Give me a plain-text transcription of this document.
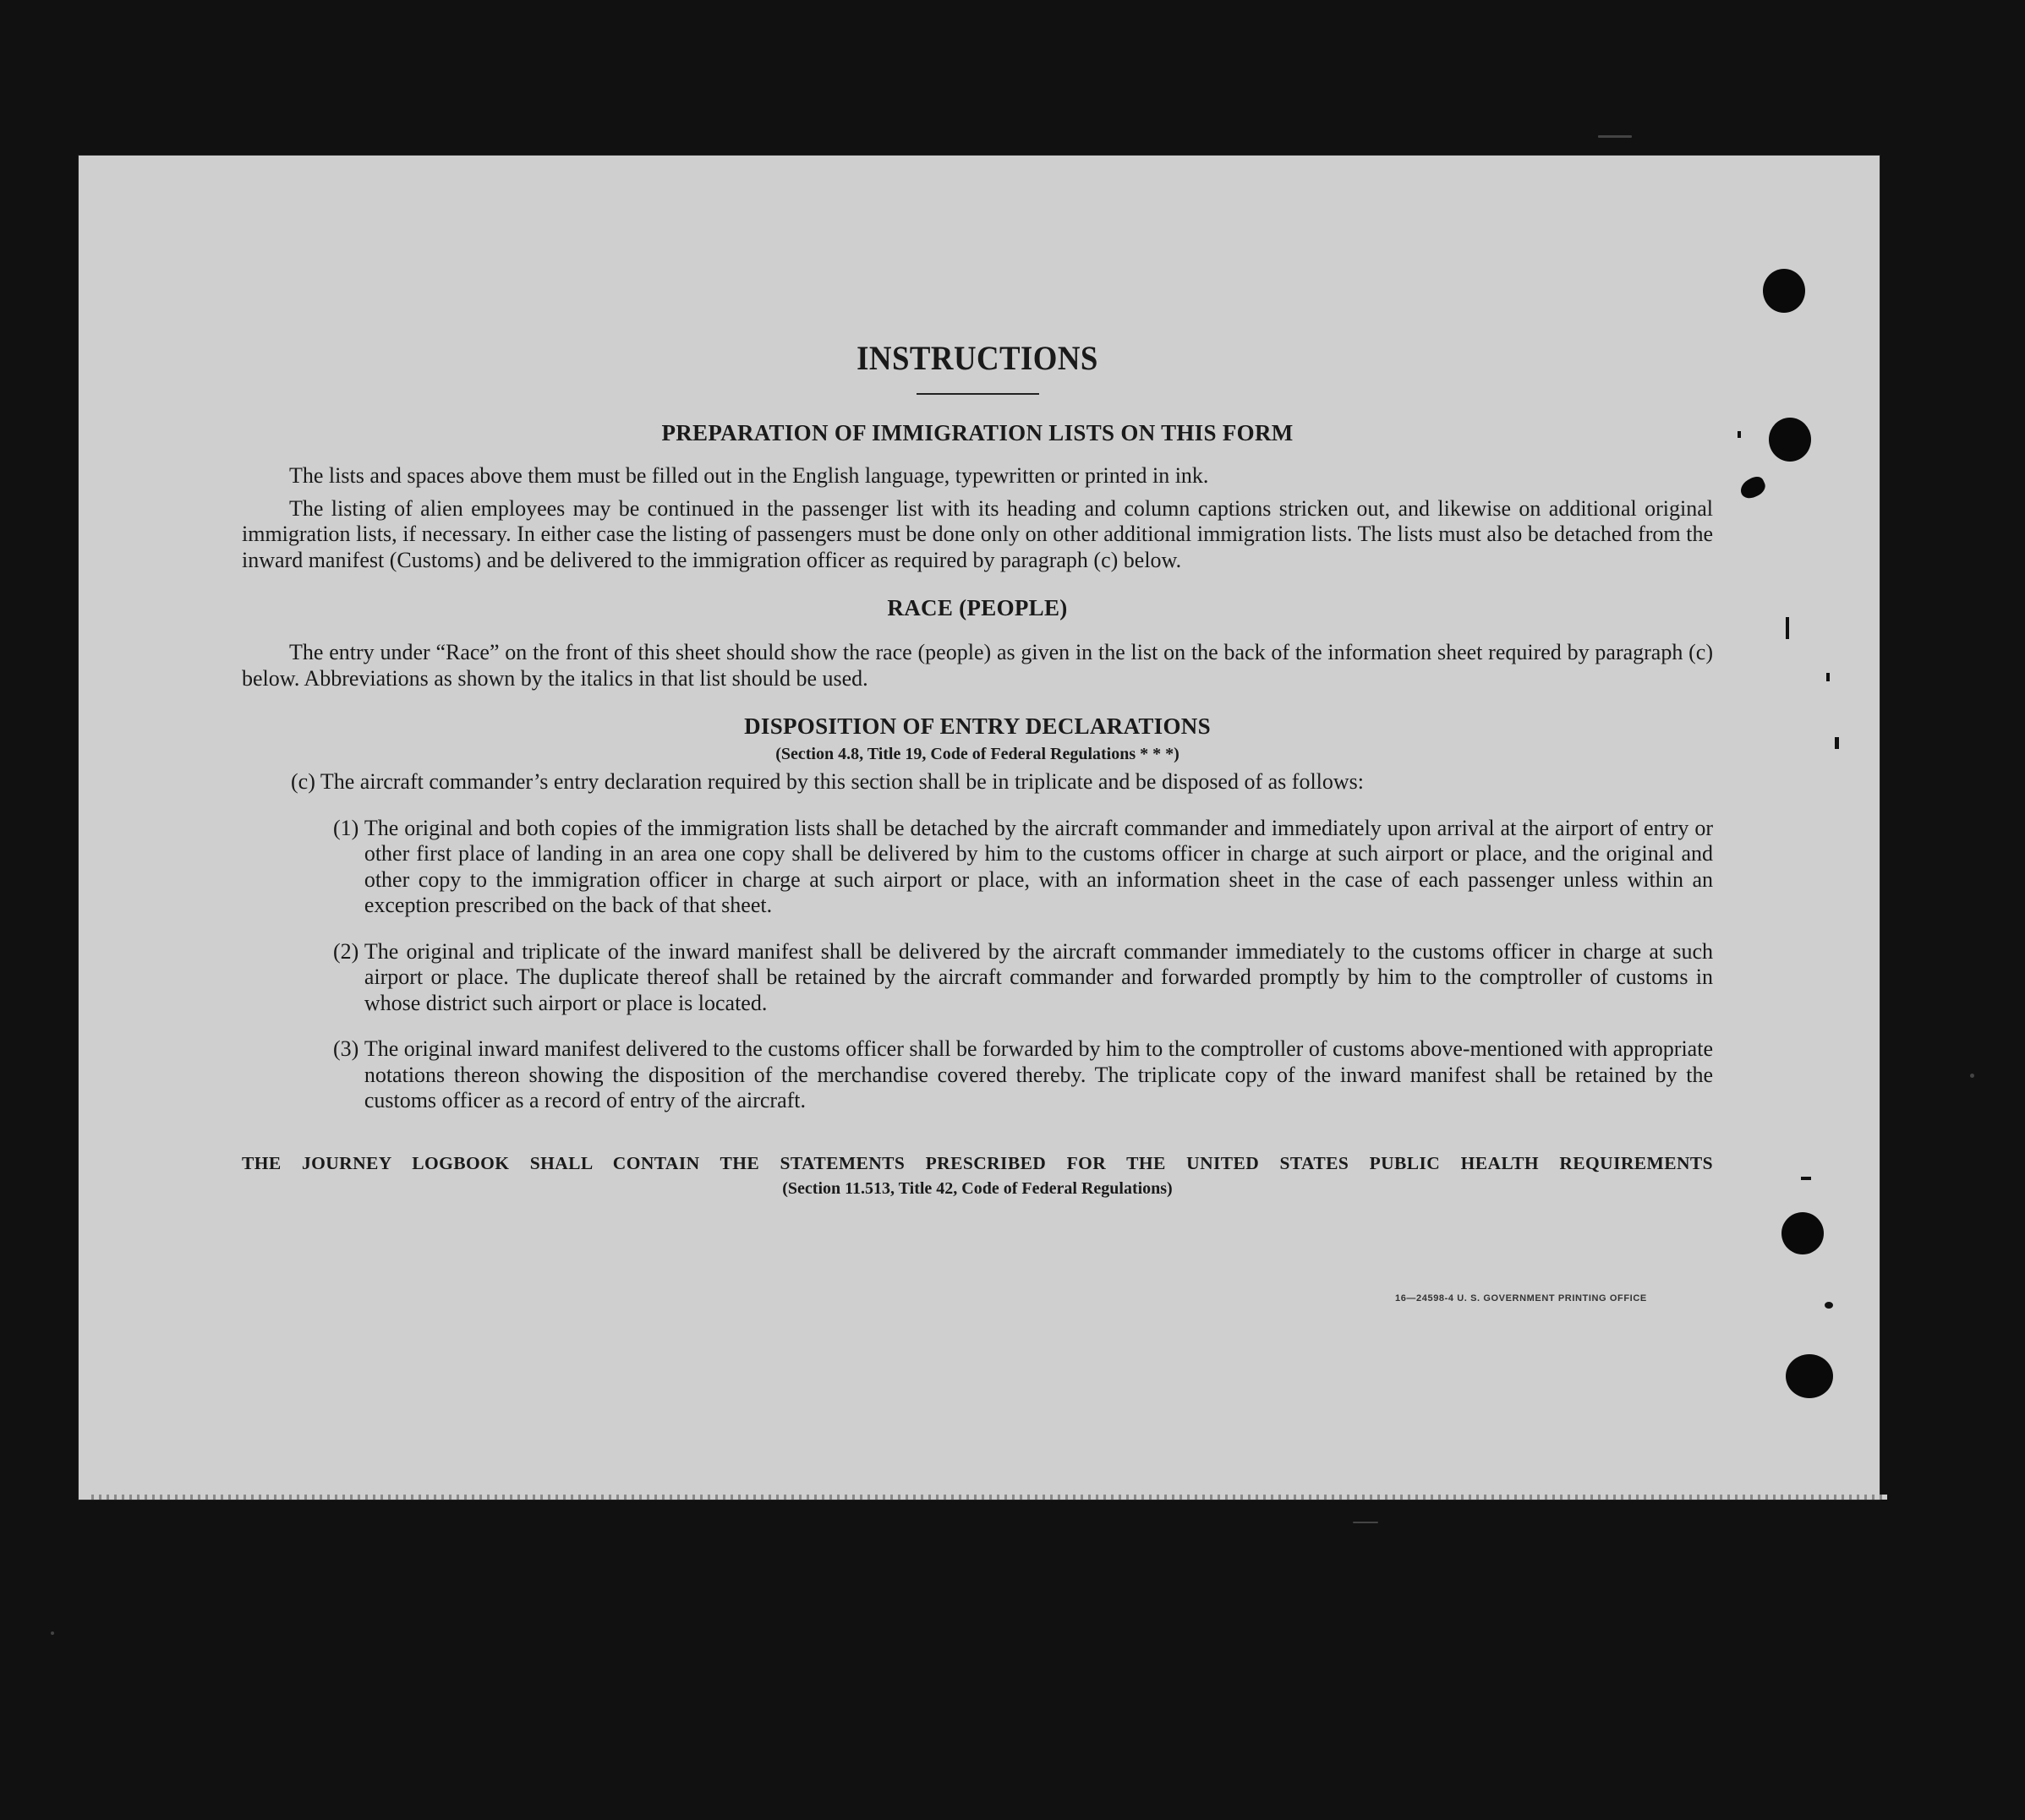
INSTRUCTIONS
PREPARATION OF IMMIGRATION LISTS ON THIS FORM

The lists and spaces above them must be filled out in the English language, typewritten or printed in ink.

The listing of alien employees may be continued in the passenger list with its heading and column captions stricken out, and likewise on additional original immigration lists, if necessary. In either case the listing of passengers must be done only on other additional immigration lists. The lists must also be detached from the inward manifest (Customs) and be delivered to the immigration officer as required by paragraph (c) below.

RACE (PEOPLE)

The entry under “Race” on the front of this sheet should show the race (people) as given in the list on the back of the information sheet required by paragraph (c) below. Abbreviations as shown by the italics in that list should be used.

DISPOSITION OF ENTRY DECLARATIONS

(Section 4.8, Title 19, Code of Federal Regulations * * *)

(c) The aircraft commander’s entry declaration required by this section shall be in triplicate and be disposed of as follows:

(1) The original and both copies of the immigration lists shall be detached by the aircraft commander and immediately upon arrival at the airport of entry or other first place of landing in an area one copy shall be delivered by him to the customs officer in charge at such airport or place, and the original and other copy to the immigration officer in charge at such airport or place, with an information sheet in the case of each passenger unless within an exception prescribed on the back of that sheet.

(2) The original and triplicate of the inward manifest shall be delivered by the aircraft commander immediately to the customs officer in charge at such airport or place. The duplicate thereof shall be retained by the aircraft commander and forwarded promptly by him to the comptroller of customs in whose district such airport or place is located.

(3) The original inward manifest delivered to the customs officer shall be forwarded by him to the comptroller of customs above-mentioned with appropriate notations thereon showing the disposition of the merchandise covered thereby. The triplicate copy of the inward manifest shall be retained by the customs officer as a record of entry of the aircraft.

THE JOURNEY LOGBOOK SHALL CONTAIN THE STATEMENTS PRESCRIBED FOR THE UNITED STATES PUBLIC HEALTH REQUIREMENTS

(Section 11.513, Title 42, Code of Federal Regulations)

16—24598-4 U. S. GOVERNMENT PRINTING OFFICE
